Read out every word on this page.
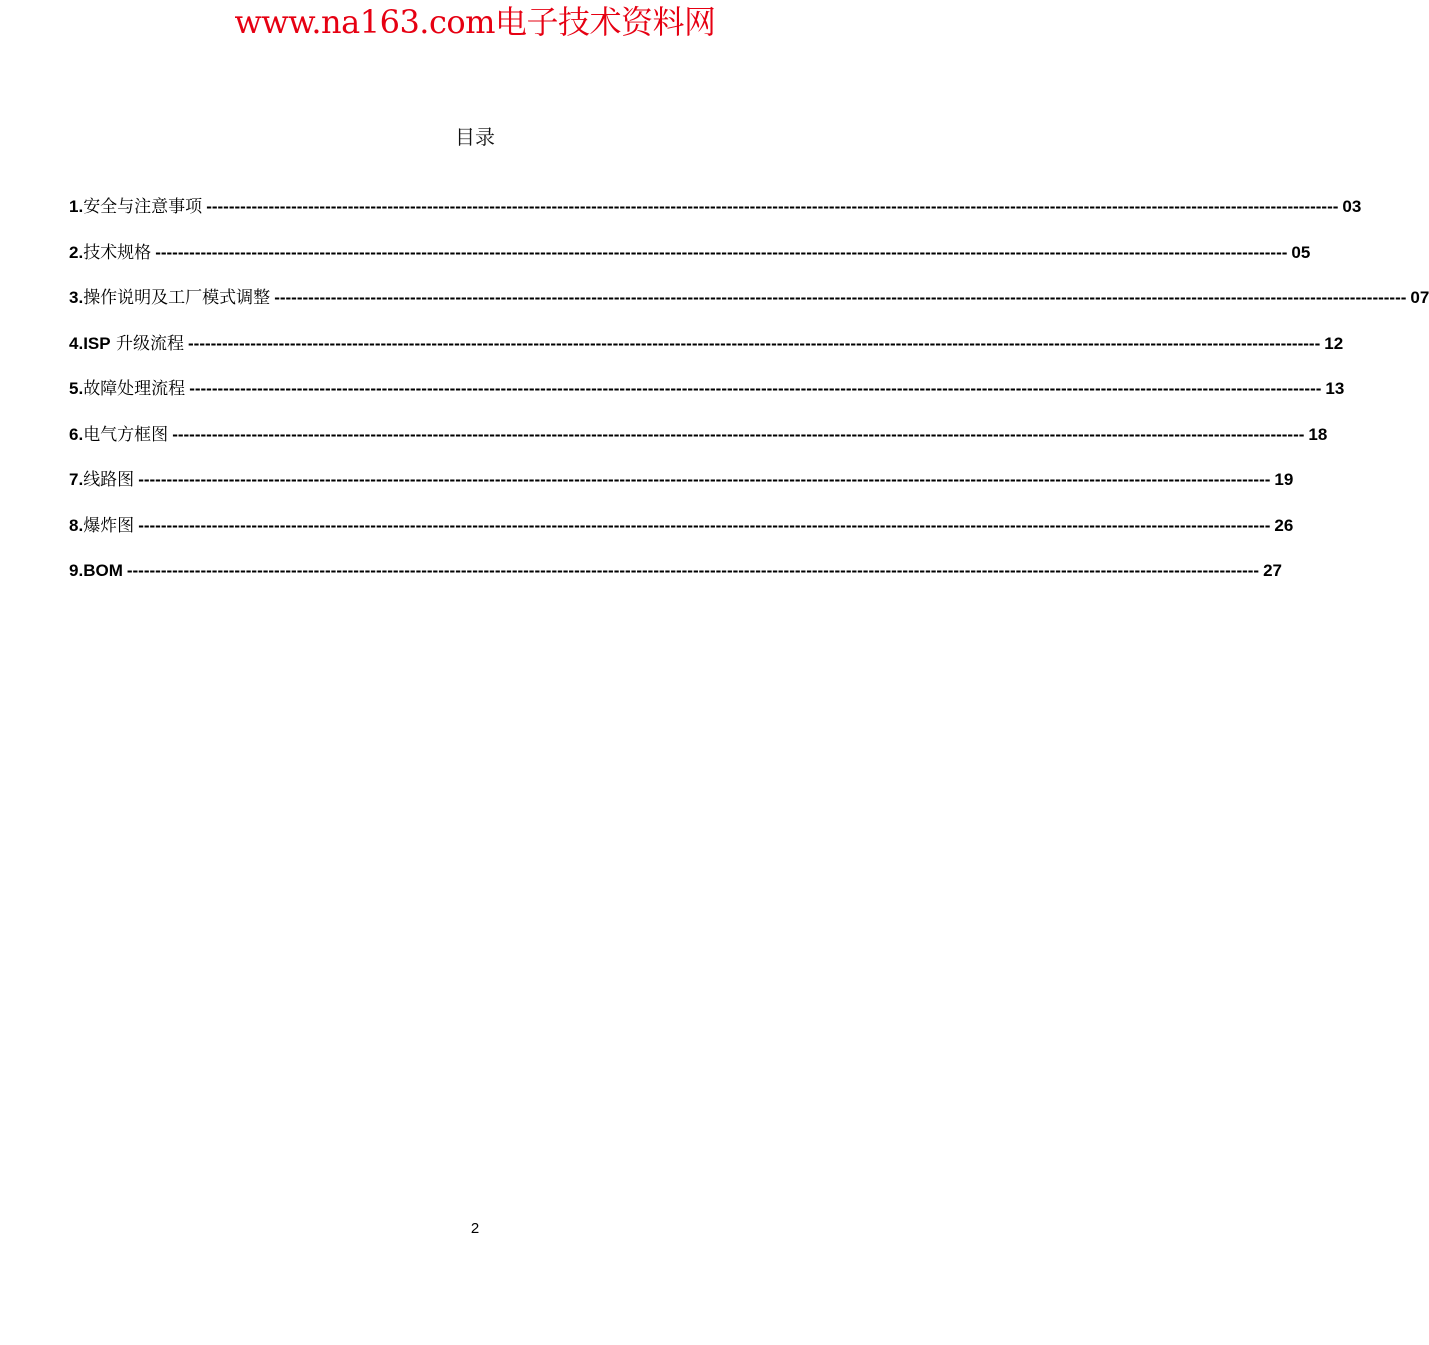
www.na163.com电子技术资料网
目录
1. 安全与注意事项 -------------------------------------------------------------------------------------------------------------------------------------------------------------------------------------------------------- 03
2. 技术规格 -------------------------------------------------------------------------------------------------------------------------------------------------------------------------------------------------------- 05
3. 操作说明及工厂模式调整 -------------------------------------------------------------------------------------------------------------------------------------------------------------------------------------------------------- 07
4. ISP 升级流程 -------------------------------------------------------------------------------------------------------------------------------------------------------------------------------------------------------- 12
5. 故障处理流程 -------------------------------------------------------------------------------------------------------------------------------------------------------------------------------------------------------- 13
6. 电气方框图 -------------------------------------------------------------------------------------------------------------------------------------------------------------------------------------------------------- 18
7. 线路图 -------------------------------------------------------------------------------------------------------------------------------------------------------------------------------------------------------- 19
8. 爆炸图 -------------------------------------------------------------------------------------------------------------------------------------------------------------------------------------------------------- 26
9. BOM -------------------------------------------------------------------------------------------------------------------------------------------------------------------------------------------------------- 27
2
